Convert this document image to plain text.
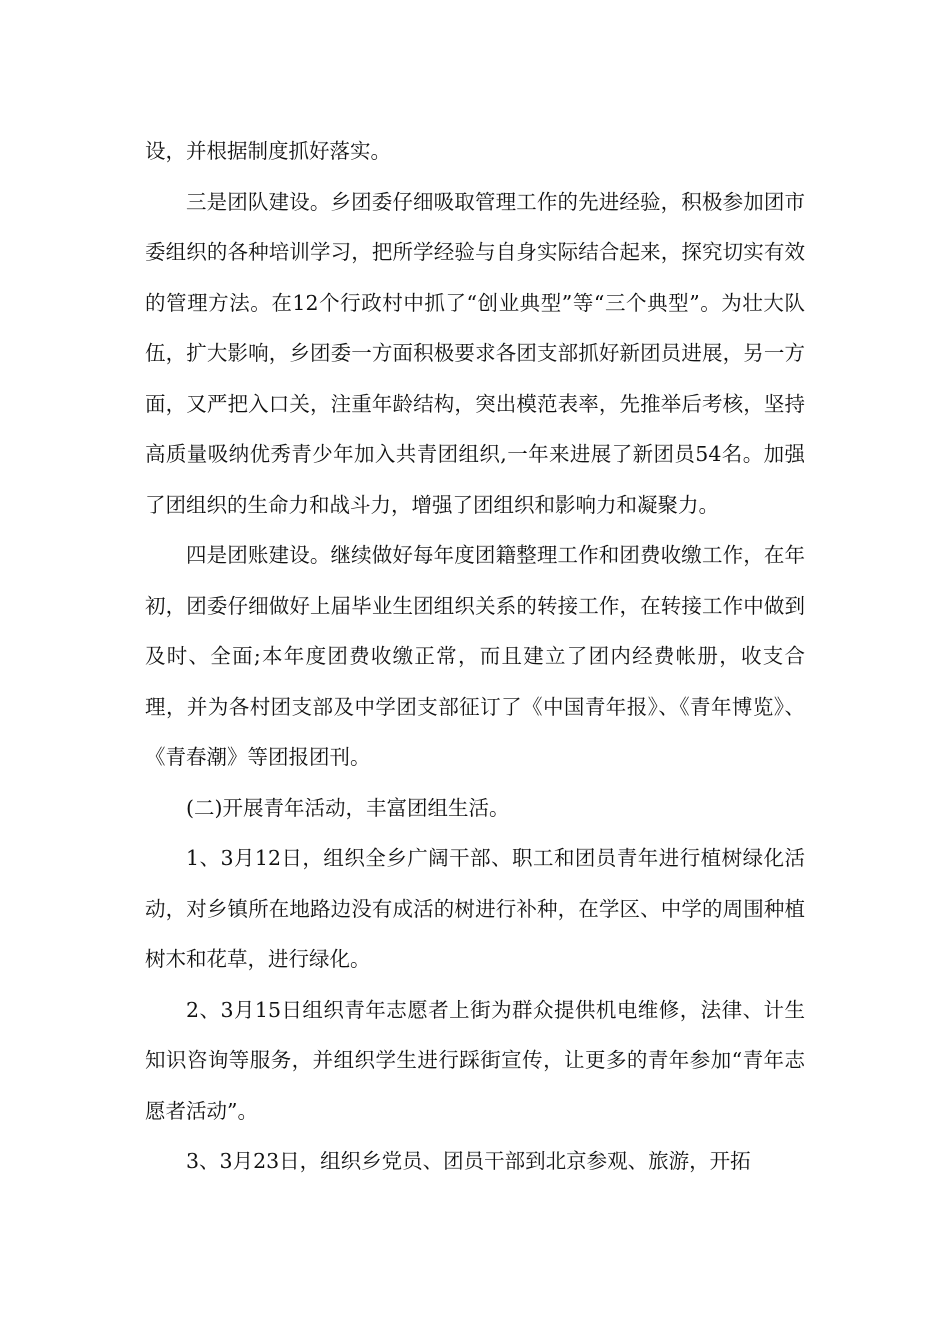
设，并根据制度抓好落实。

三是团队建设。乡团委仔细吸取管理工作的先进经验，积极参加团市委组织的各种培训学习，把所学经验与自身实际结合起来，探究切实有效的管理方法。在12个行政村中抓了“创业典型”等“三个典型”。为壮大队伍，扩大影响，乡团委一方面积极要求各团支部抓好新团员进展，另一方面，又严把入口关，注重年龄结构，突出模范表率，先推举后考核，坚持高质量吸纳优秀青少年加入共青团组织,一年来进展了新团员54名。加强了团组织的生命力和战斗力，增强了团组织和影响力和凝聚力。

四是团账建设。继续做好每年度团籍整理工作和团费收缴工作，在年初，团委仔细做好上届毕业生团组织关系的转接工作，在转接工作中做到及时、全面;本年度团费收缴正常，而且建立了团内经费帐册，收支合理，并为各村团支部及中学团支部征订了《中国青年报》、《青年博览》、《青春潮》等团报团刊。

(二)开展青年活动，丰富团组生活。

1、3月12日，组织全乡广阔干部、职工和团员青年进行植树绿化活动，对乡镇所在地路边没有成活的树进行补种，在学区、中学的周围种植树木和花草，进行绿化。

2、3月15日组织青年志愿者上街为群众提供机电维修，法律、计生知识咨询等服务，并组织学生进行踩街宣传，让更多的青年参加“青年志愿者活动”。

3、3月23日，组织乡党员、团员干部到北京参观、旅游，开拓
